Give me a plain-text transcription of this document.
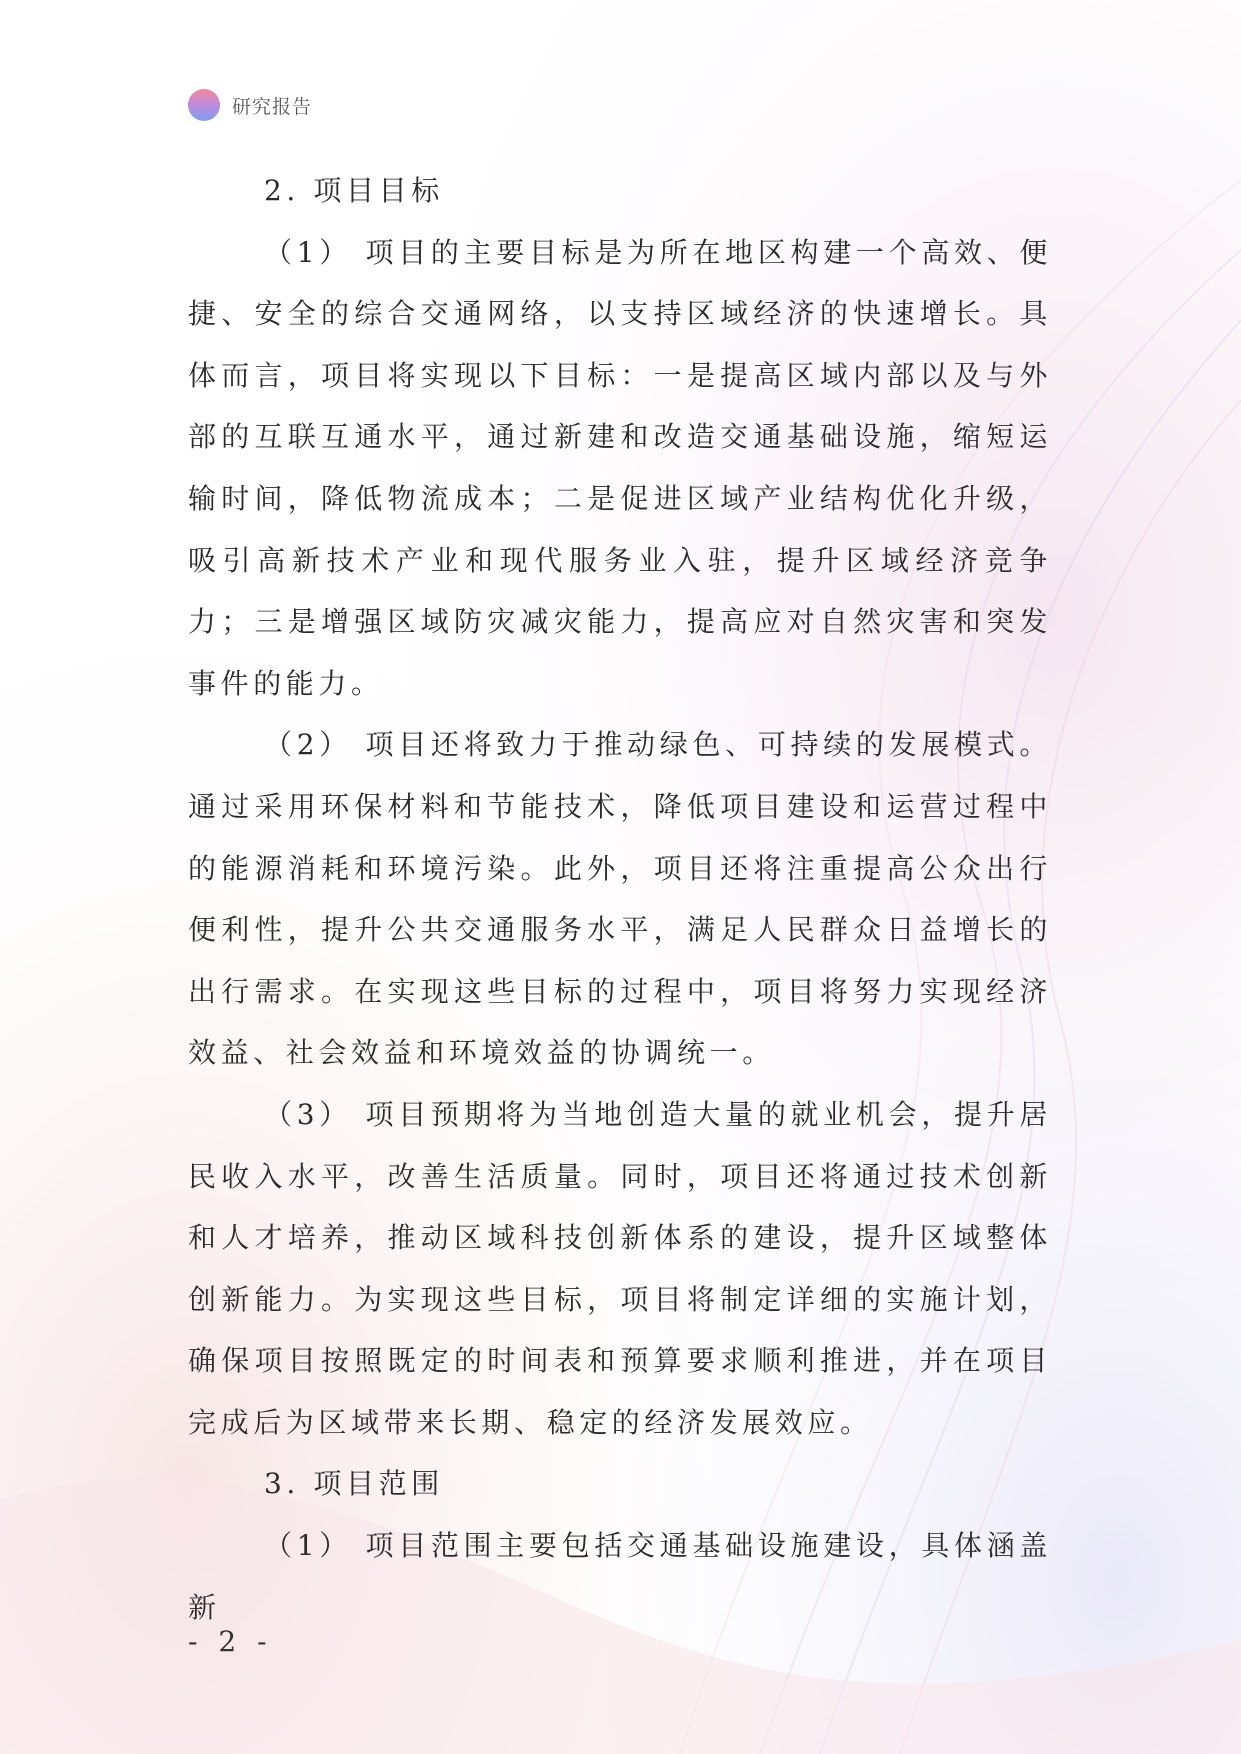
研究报告

2. 项目目标

（1） 项目的主要目标是为所在地区构建一个高效、便捷、安全的综合交通网络，以支持区域经济的快速增长。具体而言，项目将实现以下目标：一是提高区域内部以及与外部的互联互通水平，通过新建和改造交通基础设施，缩短运输时间，降低物流成本；二是促进区域产业结构优化升级，吸引高新技术产业和现代服务业入驻，提升区域经济竞争力；三是增强区域防灾减灾能力，提高应对自然灾害和突发事件的能力。

（2） 项目还将致力于推动绿色、可持续的发展模式。通过采用环保材料和节能技术，降低项目建设和运营过程中的能源消耗和环境污染。此外，项目还将注重提高公众出行便利性，提升公共交通服务水平，满足人民群众日益增长的出行需求。在实现这些目标的过程中，项目将努力实现经济效益、社会效益和环境效益的协调统一。

（3） 项目预期将为当地创造大量的就业机会，提升居民收入水平，改善生活质量。同时，项目还将通过技术创新和人才培养，推动区域科技创新体系的建设，提升区域整体创新能力。为实现这些目标，项目将制定详细的实施计划，确保项目按照既定的时间表和预算要求顺利推进，并在项目完成后为区域带来长期、稳定的经济发展效应。

3. 项目范围

（1） 项目范围主要包括交通基础设施建设，具体涵盖新

- 2 -
